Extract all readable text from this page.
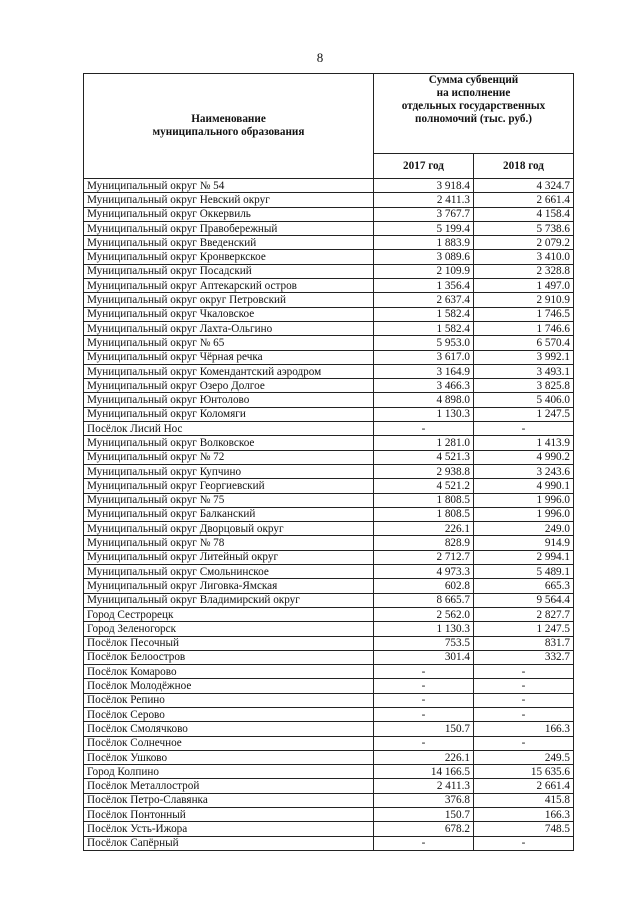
8
Наименование
муниципального образования	Сумма субвенций
на исполнение
отдельных государственных
полномочий (тыс. руб.)	

	2017 год	2018 год
Муниципальный округ № 54	3 918.4	4 324.7
Муниципальный округ Невский округ	2 411.3	2 661.4
Муниципальный округ Оккервиль	3 767.7	4 158.4
Муниципальный округ Правобережный	5 199.4	5 738.6
Муниципальный округ Введенский	1 883.9	2 079.2
Муниципальный округ Кронверкское	3 089.6	3 410.0
Муниципальный округ Посадский	2 109.9	2 328.8
Муниципальный округ Аптекарский остров	1 356.4	1 497.0
Муниципальный округ округ Петровский	2 637.4	2 910.9
Муниципальный округ Чкаловское	1 582.4	1 746.5
Муниципальный округ Лахта-Ольгино	1 582.4	1 746.6
Муниципальный округ № 65	5 953.0	6 570.4
Муниципальный округ Чёрная речка	3 617.0	3 992.1
Муниципальный округ Комендантский аэродром	3 164.9	3 493.1
Муниципальный округ Озеро Долгое	3 466.3	3 825.8
Муниципальный округ Юнтолово	4 898.0	5 406.0
Муниципальный округ Коломяги	1 130.3	1 247.5
Посёлок Лисий Нос	-	-
Муниципальный округ Волковское	1 281.0	1 413.9
Муниципальный округ № 72	4 521.3	4 990.2
Муниципальный округ Купчино	2 938.8	3 243.6
Муниципальный округ Георгиевский	4 521.2	4 990.1
Муниципальный округ № 75	1 808.5	1 996.0
Муниципальный округ Балканский	1 808.5	1 996.0
Муниципальный округ Дворцовый округ	226.1	249.0
Муниципальный округ № 78	828.9	914.9
Муниципальный округ Литейный округ	2 712.7	2 994.1
Муниципальный округ Смольнинское	4 973.3	5 489.1
Муниципальный округ Лиговка-Ямская	602.8	665.3
Муниципальный округ Владимирский округ	8 665.7	9 564.4
Город Сестрорецк	2 562.0	2 827.7
Город Зеленогорск	1 130.3	1 247.5
Посёлок Песочный	753.5	831.7
Посёлок Белоостров	301.4	332.7
Посёлок Комарово	-	-
Посёлок Молодёжное	-	-
Посёлок Репино	-	-
Посёлок Серово	-	-
Посёлок Смолячково	150.7	166.3
Посёлок Солнечное	-	-
Посёлок Ушково	226.1	249.5
Город Колпино	14 166.5	15 635.6
Посёлок Металлострой	2 411.3	2 661.4
Посёлок Петро-Славянка	376.8	415.8
Посёлок Понтонный	150.7	166.3
Посёлок Усть-Ижора	678.2	748.5
Посёлок Сапёрный	-	-
